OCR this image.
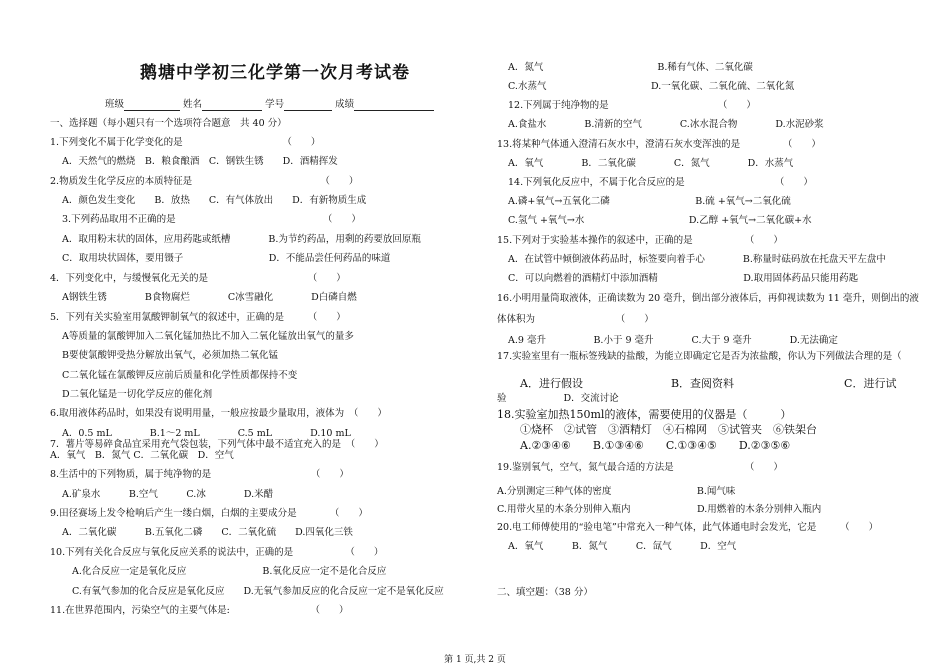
鹅塘中学初三化学第一次月考试卷
班级	姓名	学号	成绩
一、选择题（每小题只有一个选项符合题意　共 40 分）
1.下列变化不属于化学变化的是　　　　　　　　　　　（　　）
A．天然气的燃烧　B．粮食酿酒　C．钢铁生锈　　D．酒精挥发
2.物质发生化学反应的本质特征是　　　　　　　　　　　　　　（　　）
A．颜色发生变化　　B．放热　　C．有气体放出　　D．有新物质生成
3.下列药品取用不正确的是　　　　　　　　　　　　　　　　（　　）
A．取用粉末状的固体，应用药匙或纸槽　　　　B.为节约药品，用剩的药要放回原瓶
C．取用块状固体，要用镊子　　　　　　　　　D．不能品尝任何药品的味道
4．下列变化中，与缓慢氧化无关的是　　　　　　　　　　　（　　）
A钢铁生锈　　　　B食物腐烂　　　　C冰雪融化　　　　D白磷自燃
5．下列有关实验室用氯酸钾制氧气的叙述中，正确的是　　　（　　）
A等质量的氯酸钾加入二氧化锰加热比不加入二氧化锰放出氧气的量多
B要使氯酸钾受热分解放出氧气，必须加热二氧化锰
C二氧化锰在氯酸钾反应前后质量和化学性质都保持不变
D二氧化锰是一切化学反应的催化剂
6.取用液体药品时，如果没有说明用量，一般应按最少量取用，液体为　（　　）
A．0.5 mL　　　　B.1～2 mL　　　　C.5 mL　　　　D.10 mL
7．薯片等易碎食品宜采用充气袋包装，下列气体中最不适宜充入的是　（　　）
A．氧气　B．氮气 C．二氧化碳　D．空气
8.生活中的下列物质，属于纯净物的是　　　　　　　　　　　（　　）
A.矿泉水　　　B.空气　　　C.冰　　　　D.米醋
9.田径赛场上发令枪响后产生一缕白烟，白烟的主要成分是　　　　（　　）
A．二氧化碳　　　B.五氧化二磷　　C．二氧化硫　　D.四氧化三铁
10.下列有关化合反应与氧化反应关系的说法中，正确的是　　　　　　（　　）
A.化合反应一定是氧化反应　　　　　　　　B.氧化反应一定不是化合反应
C.有氧气参加的化合反应是氧化反应　　D.无氧气参加反应的化合反应一定不是氧化反应
11.在世界范围内，污染空气的主要气体是:　　　　　　　　　（　　）
A．氮气　　　　　　　　　　　　B.稀有气体、二氧化碳
C.水蒸气　　　　　　　　　　　D.一氧化碳、二氧化硫、二氧化氮
12.下列属于纯净物的是　　　　　　　　　　　　（　　）
A.食盐水　　　　B.清新的空气　　　　C.冰水混合物　　　　D.水泥砂浆
13.将某种气体通入澄清石灰水中，澄清石灰水变浑浊的是　　　　　（　　）
A．氧气　　　　B．二氧化碳　　　　C．氮气　　　　D．水蒸气
14.下列氧化反应中，不属于化合反应的是　　　　　　　　　　（　　）
A.磷+氧气→五氧化二磷　　　　　　　　　B.硫 +氧气→二氧化硫
C.氢气 +氧气→水　　　　　　　　　　　D.乙醇 +氧气→二氧化碳+水
15.下列对于实验基本操作的叙述中，正确的是　　　　　　（　　）
A．在试管中倾倒液体药品时，标签要向着手心　　　　B.称量时砝码放在托盘天平左盘中
C．可以向燃着的酒精灯中添加酒精　　　　　　　　　D.取用固体药品只能用药匙
16.小明用量筒取液体，正确读数为 20 毫升，倒出部分液体后，再仰视读数为 11 毫升，则倒出的液
体体积为　　　　　　　　　（　　）
A.9 毫升　　　　　B.小于 9 毫升　　　　C.大于 9 毫升　　　　D.无法确定
17.实验室里有一瓶标签残缺的盐酸，为能立即确定它是否为浓盐酸，你认为下列做法合理的是（
A．进行假设　　　　　　　　B．查阅资料　　　　　　　　　　C．进行试
验　　　　　　D．交流讨论
18.实验室加热150ml的液体，需要使用的仪器是（　　　）
①烧杯　②试管　③酒精灯　④石棉网　⑤试管夹　⑥铁架台
A.②③④⑥　　B.①③④⑥　　C.①③④⑤　　D.②③⑤⑥
19.鉴别氧气，空气，氮气最合适的方法是　　　　　　　　（　　）
A.分别测定三种气体的密度　　　　　　　　　B.闻气味
C.用带火星的木条分别伸入瓶内　　　　　　　D.用燃着的木条分别伸入瓶内
20.电工师傅使用的“验电笔”中常充入一种气体，此气体通电时会发光，它是　　　（　　）
A．氧气　　　B．氮气　　　C．氙气　　　D．空气
二、填空题：（38 分）
第 1 页,共 2 页
